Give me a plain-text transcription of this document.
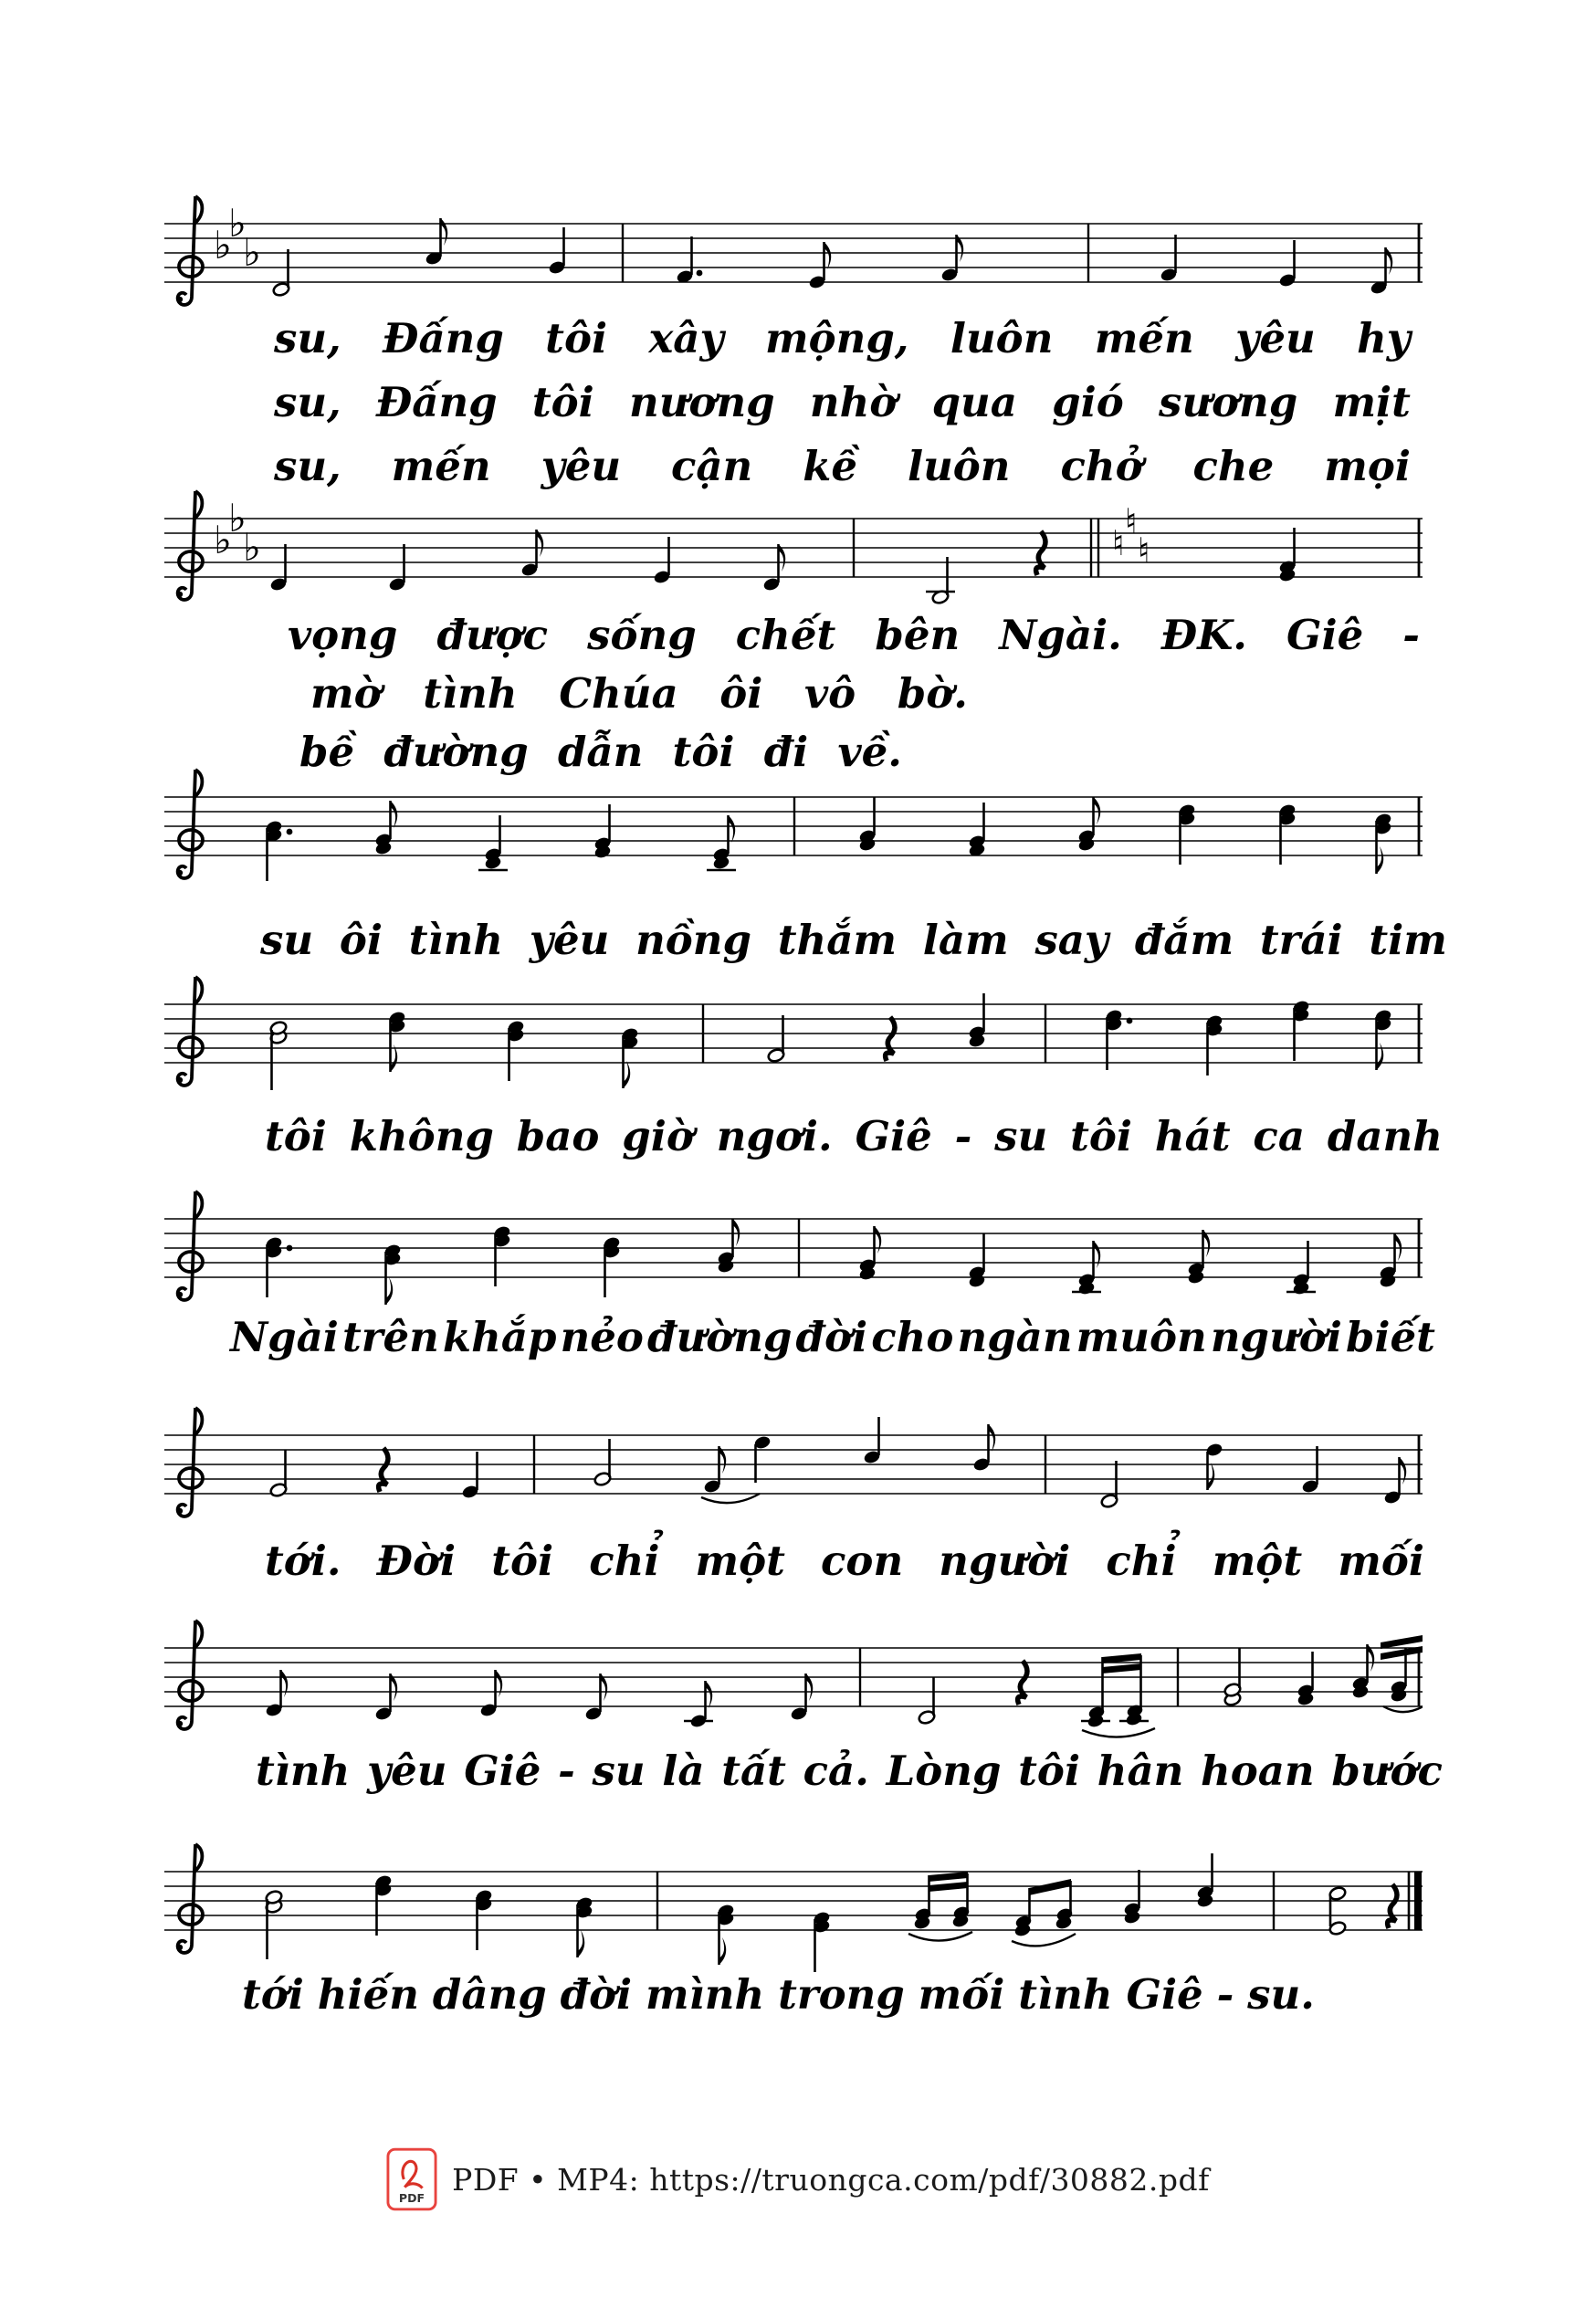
♭
♭
♭
su, Đấng tôi xây mộng, luôn mến yêu hy
su, Đấng tôi nương nhờ qua gió sương mịt
su, mến yêu cận kề luôn chở che mọi
♭
♭
♭	♮
♮
♮
vọng được sống chết bên Ngài. ĐK. Giê -
mờ tình Chúa ôi vô bờ.
bề đường dẫn tôi đi về.
su ôi tình yêu nồng thắm làm say đắm trái tim
tôi không bao giờ ngơi. Giê - su tôi hát ca danh
Ngài trên khắp nẻo đường đời cho ngàn muôn người biết
tới. Đời tôi chỉ một con người chỉ một mối
tình yêu Giê - su là tất cả. Lòng tôi hân hoan bước
tới hiến dâng đời mình trong mối tình Giê - su.
PDF
PDF • MP4: https://truongca.com/pdf/30882.pdf
